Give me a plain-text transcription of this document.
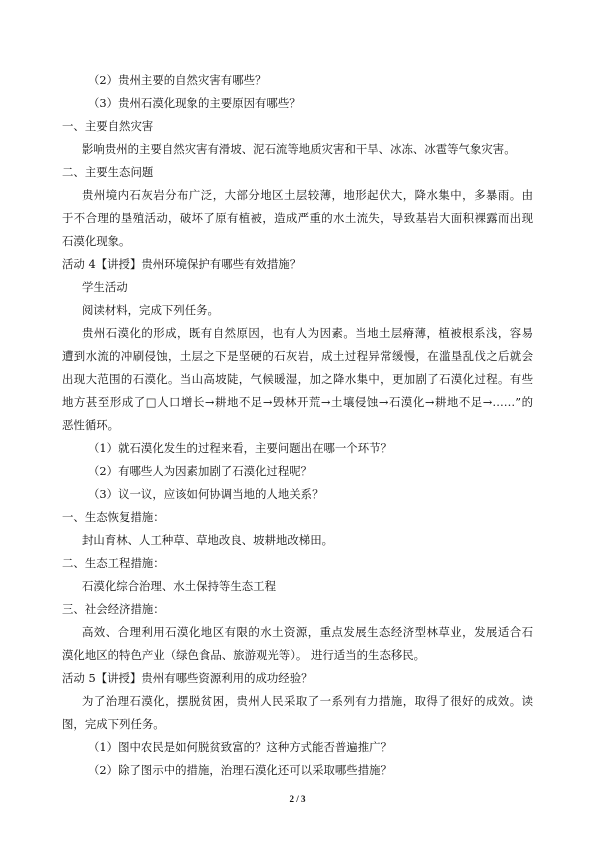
（2）贵州主要的自然灾害有哪些？
（3）贵州石漠化现象的主要原因有哪些？
一、主要自然灾害
影响贵州的主要自然灾害有滑坡、泥石流等地质灾害和干旱、冰冻、冰雹等气象灾害。
二、主要生态问题
贵州境内石灰岩分布广泛，大部分地区土层较薄，地形起伏大，降水集中，多暴雨。由
于不合理的垦殖活动，破坏了原有植被，造成严重的水土流失，导致基岩大面积裸露而出现
石漠化现象。
活动 4【讲授】贵州环境保护有哪些有效措施？
学生活动
阅读材料，完成下列任务。
贵州石漠化的形成，既有自然原因，也有人为因素。当地土层瘠薄，植被根系浅，容易
遭到水流的冲刷侵蚀，土层之下是坚硬的石灰岩，成土过程异常缓慢，在滥垦乱伐之后就会
出现大范围的石漠化。当山高坡陡，气候暖湿，加之降水集中，更加剧了石漠化过程。有些
地方甚至形成了□人口增长→耕地不足→毁林开荒→土壤侵蚀→石漠化→耕地不足→……”的
恶性循环。
（1）就石漠化发生的过程来看，主要问题出在哪一个环节？
（2）有哪些人为因素加剧了石漠化过程呢？
（3）议一议，应该如何协调当地的人地关系？
一、生态恢复措施：
封山育林、人工种草、草地改良、坡耕地改梯田。
二、生态工程措施：
石漠化综合治理、水土保持等生态工程
三、社会经济措施：
高效、合理利用石漠化地区有限的水土资源，重点发展生态经济型林草业，发展适合石
漠化地区的特色产业（绿色食品、旅游观光等）。 进行适当的生态移民。
活动 5【讲授】贵州有哪些资源利用的成功经验？
为了治理石漠化，摆脱贫困，贵州人民采取了一系列有力措施，取得了很好的成效。读
图，完成下列任务。
（1）图中农民是如何脱贫致富的？这种方式能否普遍推广？
（2）除了图示中的措施，治理石漠化还可以采取哪些措施？
2 / 3
